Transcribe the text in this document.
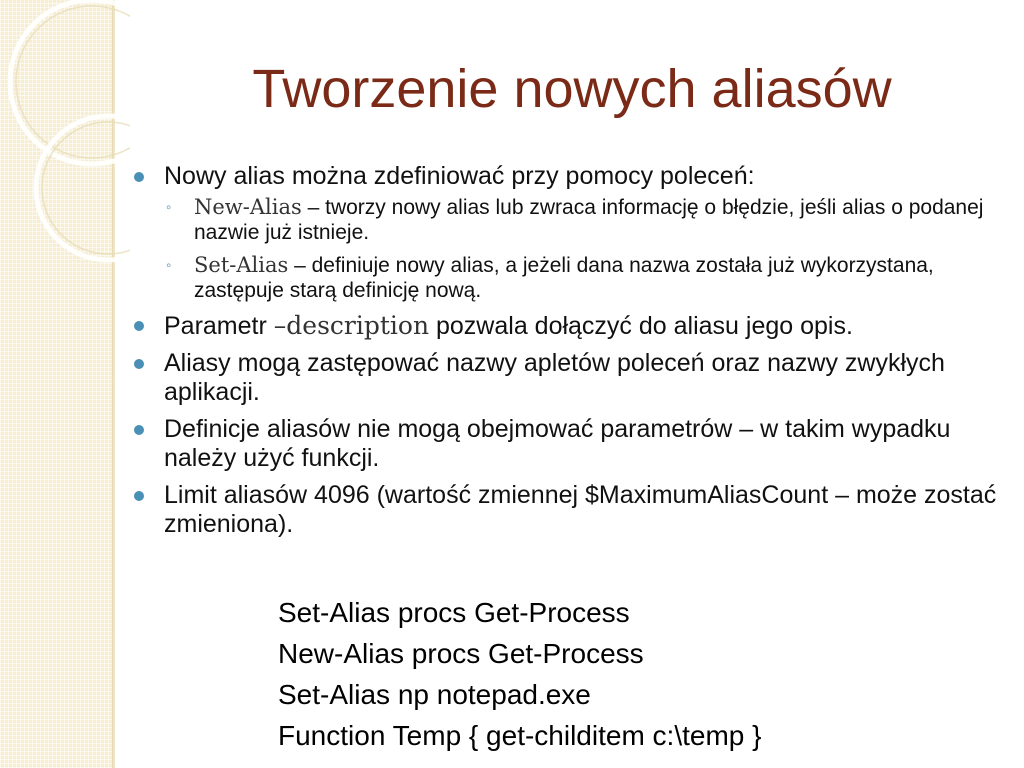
Tworzenie nowych aliasów
Nowy alias można zdefiniować przy pomocy poleceń:
◦ New-Alias – tworzy nowy alias lub zwraca informację o błędzie, jeśli alias o podanej nazwie już istnieje.
◦ Set-Alias – definiuje nowy alias, a jeżeli dana nazwa została już wykorzystana, zastępuje starą definicję nową.
Parametr –description pozwala dołączyć do aliasu jego opis.
Aliasy mogą zastępować nazwy apletów poleceń oraz nazwy zwykłych aplikacji.
Definicje aliasów nie mogą obejmować parametrów – w takim wypadku należy użyć funkcji.
Limit aliasów 4096 (wartość zmiennej $MaximumAliasCount – może zostać zmieniona).
Set-Alias procs Get-Process
New-Alias procs Get-Process
Set-Alias np notepad.exe
Function Temp { get-childitem c:\temp }
